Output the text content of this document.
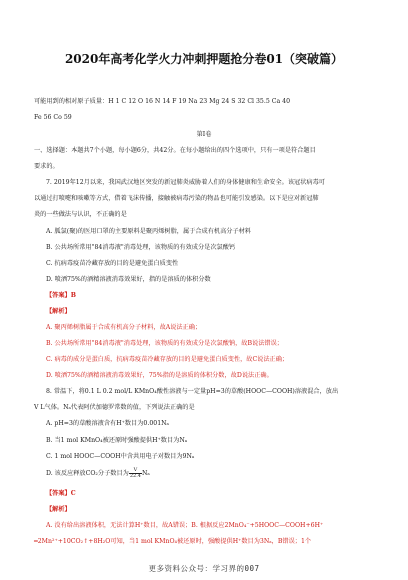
2020年高考化学火力冲刺押题抢分卷01（突破篇）
可能用到的相对原子质量：H 1 C 12 O 16 N 14 F 19 Na 23 Mg 24 S 32 Cl 35.5 Ca 40
Fe 56 Co 59
第Ⅰ卷
一、选择题：本题共7个小题，每小题6分，共42分。在每小题给出的四个选项中，只有一项是符合题目
要求的。
7. 2019年12月以来，我国武汉地区突发的新冠肺炎威胁着人们的身体健康和生命安全。该冠状病毒可
以通过打喷嚏和咳嗽等方式，借着飞沫传播，接触被病毒污染的物品也可能引发感染。以下是应对新冠肺
炎的一些做法与认识，不正确的是
A. 胍氯(聚)的医用口罩的主要原料是聚丙烯树脂，属于合成有机高分子材料
B. 公共场所常用"84消毒液"消毒处理，该物质的有效成分是次氯酸钙
C. 抗病毒疫苗冷藏存放的目的是避免蛋白质变性
D. 喷洒75%的酒精溶液消毒效果好，指的是溶质的体积分数
【答案】B
【解析】
A. 聚丙烯树脂属于合成有机高分子材料，故A说法正确；
B. 公共场所常用"84消毒液"消毒处理，该物质的有效成分是次氯酸钠，故B说法错误；
C. 病毒的成分是蛋白质，抗病毒疫苗冷藏存放的目的是避免蛋白质变性，故C说法正确；
D. 喷洒75%的酒精溶液消毒效果好，75%指的是溶质的体积分数，故D说法正确。
8. 常温下，将0.1 L 0.2 mol/L KMnO₄酸性溶液与一定量pH=3的草酸(HOOC—COOH)溶液混合，放出
V L气体。Nₐ代表阿伏加德罗常数的值，下列说法正确的是
A. pH=3的草酸溶液含有H⁺数目为0.001Nₐ
B. 当1 mol KMnO₄被还原时强酸提供H⁺数目为Nₐ
C. 1 mol HOOC—COOH中含共用电子对数目为9Nₐ
D. 该反应释放CO₂分子数目为 $\frac{V}{22.4}$ Nₐ
【答案】C
【解析】
A. 没有给出溶液体积，无法计算H⁺数目，故A错误；B. 根据反应2MnO₄⁻+5HOOC—COOH+6H⁺
═2Mn²⁺+10CO₂↑+8H₂O可知，当1 mol KMnO₄被还原时，强酸提供H⁺数目为3Nₐ，B错误；1个
更多资料公众号：学习界的007
